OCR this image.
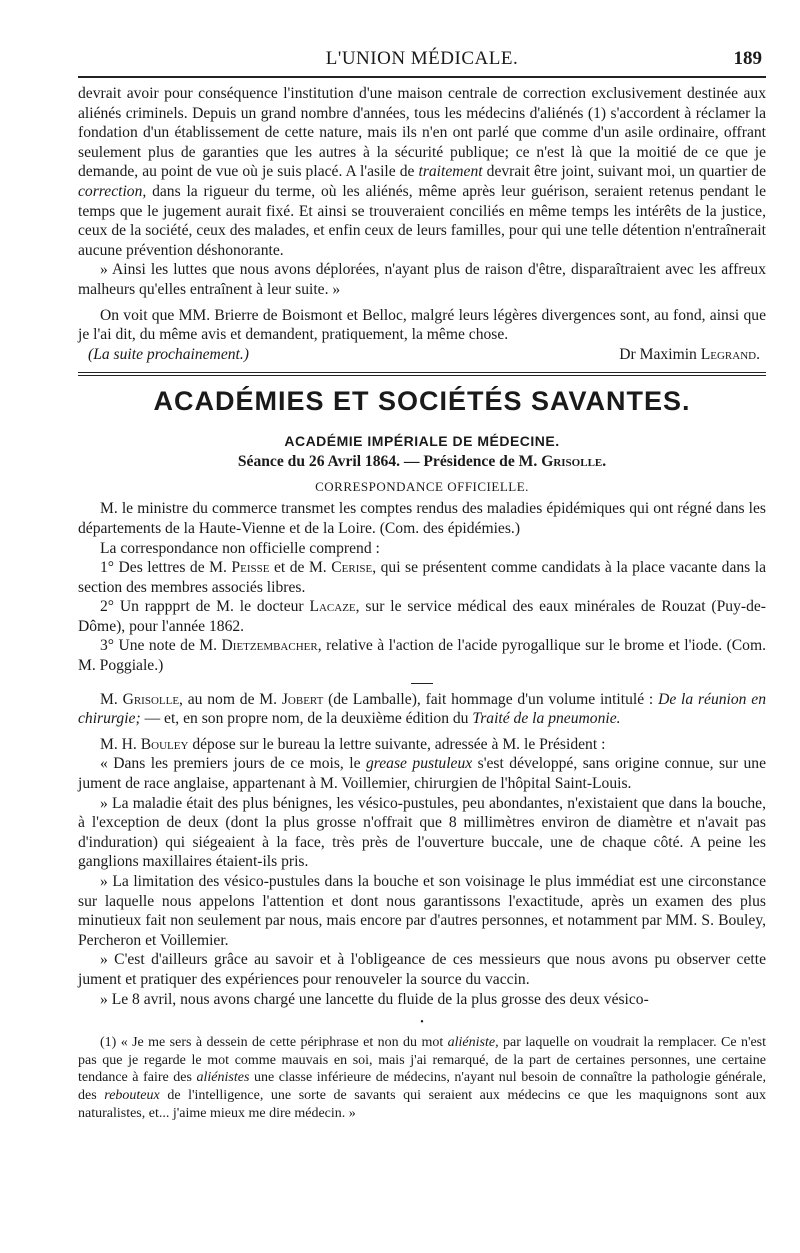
L'UNION MÉDICALE.	189

devrait avoir pour conséquence l'institution d'une maison centrale de correction exclusivement destinée aux aliénés criminels. Depuis un grand nombre d'années, tous les médecins d'aliénés (1) s'accordent à réclamer la fondation d'un établissement de cette nature, mais ils n'en ont parlé que comme d'un asile ordinaire, offrant seulement plus de garanties que les autres à la sécurité publique; ce n'est là que la moitié de ce que je demande, au point de vue où je suis placé. A l'asile de traitement devrait être joint, suivant moi, un quartier de correction, dans la rigueur du terme, où les aliénés, même après leur guérison, seraient retenus pendant le temps que le jugement aurait fixé. Et ainsi se trouveraient conciliés en même temps les intérêts de la justice, ceux de la société, ceux des malades, et enfin ceux de leurs familles, pour qui une telle détention n'entraînerait aucune prévention déshonorante.

» Ainsi les luttes que nous avons déplorées, n'ayant plus de raison d'être, disparaîtraient avec les affreux malheurs qu'elles entraînent à leur suite. »

On voit que MM. Brierre de Boismont et Belloc, malgré leurs légères divergences sont, au fond, ainsi que je l'ai dit, du même avis et demandent, pratiquement, la même chose.

(La suite prochainement.)	Dr Maximin Legrand.
ACADÉMIES ET SOCIÉTÉS SAVANTES.
ACADÉMIE IMPÉRIALE DE MÉDECINE.
Séance du 26 Avril 1864. — Présidence de M. Grisolle.
CORRESPONDANCE OFFICIELLE.

M. le ministre du commerce transmet les comptes rendus des maladies épidémiques qui ont régné dans les départements de la Haute-Vienne et de la Loire. (Com. des épidémies.)

La correspondance non officielle comprend :

1° Des lettres de M. Peisse et de M. Cerise, qui se présentent comme candidats à la place vacante dans la section des membres associés libres.

2° Un rappprt de M. le docteur Lacaze, sur le service médical des eaux minérales de Rouzat (Puy-de-Dôme), pour l'année 1862.

3° Une note de M. Dietzembacher, relative à l'action de l'acide pyrogallique sur le brome et l'iode. (Com. M. Poggiale.)

M. Grisolle, au nom de M. Jobert (de Lamballe), fait hommage d'un volume intitulé : De la réunion en chirurgie; — et, en son propre nom, de la deuxième édition du Traité de la pneumonie.

M. H. Bouley dépose sur le bureau la lettre suivante, adressée à M. le Président :

« Dans les premiers jours de ce mois, le grease pustuleux s'est développé, sans origine connue, sur une jument de race anglaise, appartenant à M. Voillemier, chirurgien de l'hôpital Saint-Louis.

» La maladie était des plus bénignes, les vésico-pustules, peu abondantes, n'existaient que dans la bouche, à l'exception de deux (dont la plus grosse n'offrait que 8 millimètres environ de diamètre et n'avait pas d'induration) qui siégeaient à la face, très près de l'ouverture buccale, une de chaque côté. A peine les ganglions maxillaires étaient-ils pris.

» La limitation des vésico-pustules dans la bouche et son voisinage le plus immédiat est une circonstance sur laquelle nous appelons l'attention et dont nous garantissons l'exactitude, après un examen des plus minutieux fait non seulement par nous, mais encore par d'autres personnes, et notamment par MM. S. Bouley, Percheron et Voillemier.

» C'est d'ailleurs grâce au savoir et à l'obligeance de ces messieurs que nous avons pu observer cette jument et pratiquer des expériences pour renouveler la source du vaccin.

» Le 8 avril, nous avons chargé une lancette du fluide de la plus grosse des deux vésico-

•

(1) « Je me sers à dessein de cette périphrase et non du mot aliéniste, par laquelle on voudrait la remplacer. Ce n'est pas que je regarde le mot comme mauvais en soi, mais j'ai remarqué, de la part de certaines personnes, une certaine tendance à faire des aliénistes une classe inférieure de médecins, n'ayant nul besoin de connaître la pathologie générale, des rebouteux de l'intelligence, une sorte de savants qui seraient aux médecins ce que les maquignons sont aux naturalistes, et... j'aime mieux me dire médecin. »
